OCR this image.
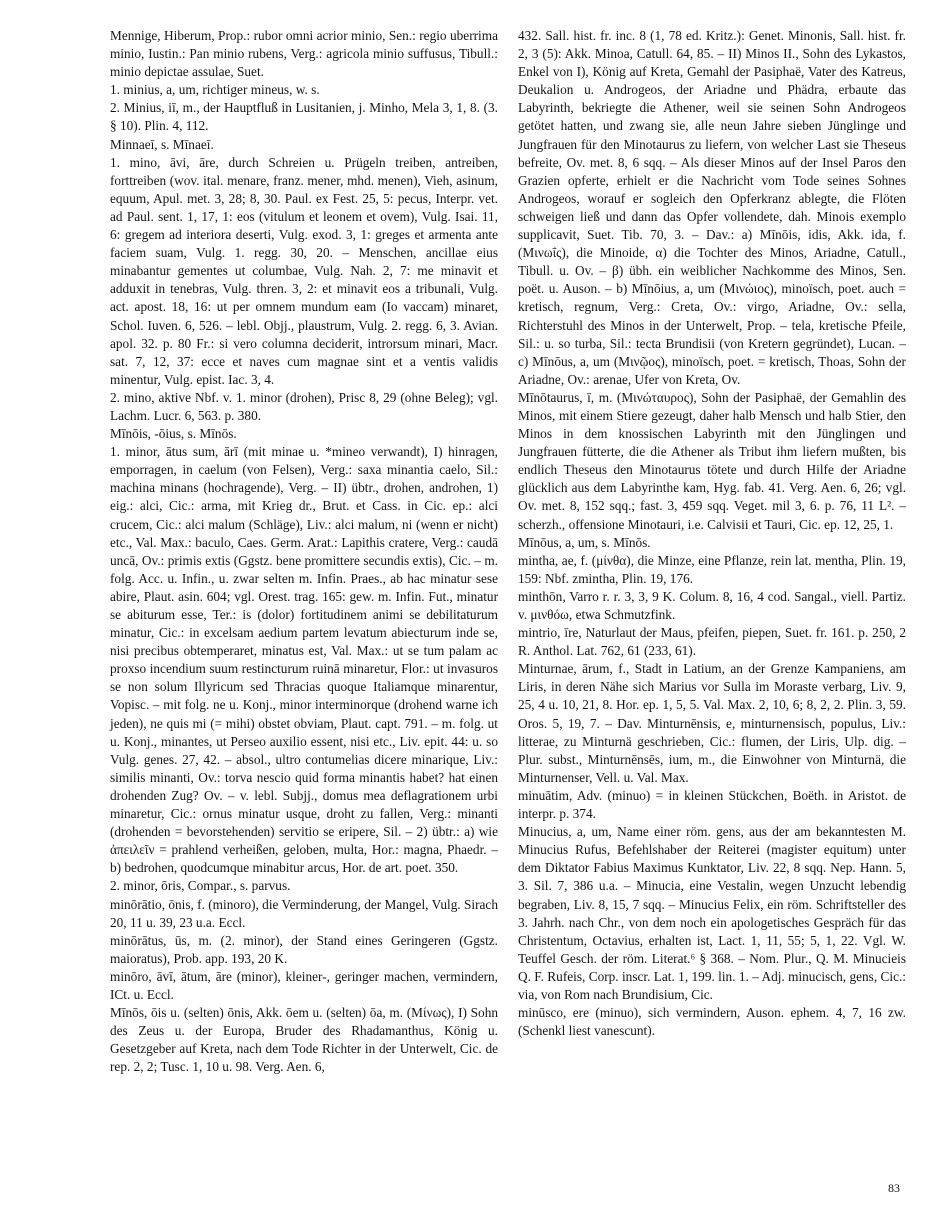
Mennige, Hiberum, Prop.: rubor omni acrior minio, Sen.: regio uberrima minio, Iustin.: Pan minio rubens, Verg.: agricola minio suffusus, Tibull.: minio depictae assulae, Suet.

1. minius, a, um, richtiger mineus, w. s.

2. Minius, iī, m., der Hauptfluß in Lusitanien, j. Minho, Mela 3, 1, 8. (3. § 10). Plin. 4, 112.

Minnaeī, s. Mīnaeī.

1. mino, āvi, āre, durch Schreien u. Prügeln treiben, antreiben, forttreiben (wov. ital. menare, franz. mener, mhd. menen), Vieh, asinum, equum, Apul. met. 3, 28; 8, 30. Paul. ex Fest. 25, 5: pecus, Interpr. vet. ad Paul. sent. 1, 17, 1: eos (vitulum et leonem et ovem), Vulg. Isai. 11, 6: gregem ad interiora deserti, Vulg. exod. 3, 1: greges et armenta ante faciem suam, Vulg. 1. regg. 30, 20. – Menschen, ancillae eius minabantur gementes ut columbae, Vulg. Nah. 2, 7: me minavit et adduxit in tenebras, Vulg. thren. 3, 2: et minavit eos a tribunali, Vulg. act. apost. 18, 16: ut per omnem mundum eam (Io vaccam) minaret, Schol. Iuven. 6, 526. – lebl. Objj., plaustrum, Vulg. 2. regg. 6, 3. Avian. apol. 32. p. 80 Fr.: si vero columna deciderit, introrsum minari, Macr. sat. 7, 12, 37: ecce et naves cum magnae sint et a ventis validis minentur, Vulg. epist. Iac. 3, 4.

2. mino, aktive Nbf. v. 1. minor (drohen), Prisc 8, 29 (ohne Beleg); vgl. Lachm. Lucr. 6, 563. p. 380.

Mīnōis, -ōius, s. Mīnōs.

1. minor, ātus sum, ārī (mit minae u. *mineo verwandt), I) hinragen, emporragen, in caelum (von Felsen), Verg.: saxa minantia caelo, Sil.: machina minans (hochragende), Verg. – II) übtr., drohen, androhen, 1) eig.: alci, Cic.: arma, mit Krieg dr., Brut. et Cass. in Cic. ep.: alci crucem, Cic.: alci malum (Schläge), Liv.: alci malum, ni (wenn er nicht) etc., Val. Max.: baculo, Caes. Germ. Arat.: Lapithis cratere, Verg.: caudā uncā, Ov.: primis extis (Ggstz. bene promittere secundis extis), Cic. – m. folg. Acc. u. Infin., u. zwar selten m. Infin. Praes., ab hac minatur sese abire, Plaut. asin. 604; vgl. Orest. trag. 165: gew. m. Infin. Fut., minatur se abiturum esse, Ter.: is (dolor) fortitudinem animi se debilitaturum minatur, Cic.: in excelsam aedium partem levatum abiecturum inde se, nisi precibus obtemperaret, minatus est, Val. Max.: ut se tum palam ac proxso incendium suum restincturum ruinā minaretur, Flor.: ut invasuros se non solum Illyricum sed Thracias quoque Italiamque minarentur, Vopisc. – mit folg. ne u. Konj., minor interminorque (drohend warne ich jeden), ne quis mi (= mihi) obstet obviam, Plaut. capt. 791. – m. folg. ut u. Konj., minantes, ut Perseo auxilio essent, nisi etc., Liv. epit. 44: u. so Vulg. genes. 27, 42. – absol., ultro contumelias dicere minarique, Liv.: similis minanti, Ov.: torva nescio quid forma minantis habet? hat einen drohenden Zug? Ov. – v. lebl. Subjj., domus mea deflagrationem urbi minaretur, Cic.: ornus minatur usque, droht zu fallen, Verg.: minanti (drohenden = bevorstehenden) servitio se eripere, Sil. – 2) übtr.: a) wie ἀπειλεῖν = prahlend verheißen, geloben, multa, Hor.: magna, Phaedr. – b) bedrohen, quodcumque minabitur arcus, Hor. de art. poet. 350.

2. minor, ōris, Compar., s. parvus.

minōrātio, ōnis, f. (minoro), die Verminderung, der Mangel, Vulg. Sirach 20, 11 u. 39, 23 u.a. Eccl.

minōrātus, ūs, m. (2. minor), der Stand eines Geringeren (Ggstz. maioratus), Prob. app. 193, 20 K.

minōro, āvī, ātum, āre (minor), kleiner-, geringer machen, vermindern, ICt. u. Eccl.

Mīnōs, ōis u. (selten) ōnis, Akk. ōem u. (selten) ōa, m. (Μίνως), I) Sohn des Zeus u. der Europa, Bruder des Rhadamanthus, König u. Gesetzgeber auf Kreta, nach dem Tode Richter in der Unterwelt, Cic. de rep. 2, 2; Tusc. 1, 10 u. 98. Verg. Aen. 6,

432. Sall. hist. fr. inc. 8 (1, 78 ed. Kritz.): Genet. Minonis, Sall. hist. fr. 2, 3 (5): Akk. Minoa, Catull. 64, 85. – II) Minos II., Sohn des Lykastos, Enkel von I), König auf Kreta, Gemahl der Pasiphaë, Vater des Katreus, Deukalion u. Androgeos, der Ariadne und Phädra, erbaute das Labyrinth, bekriegte die Athener, weil sie seinen Sohn Androgeos getötet hatten, und zwang sie, alle neun Jahre sieben Jünglinge und Jungfrauen für den Minotaurus zu liefern, von welcher Last sie Theseus befreite, Ov. met. 8, 6 sqq. – Als dieser Minos auf der Insel Paros den Grazien opferte, erhielt er die Nachricht vom Tode seines Sohnes Androgeos, worauf er sogleich den Opferkranz ablegte, die Flöten schweigen ließ und dann das Opfer vollendete, dah. Minois exemplo supplicavit, Suet. Tib. 70, 3. – Dav.: a) Mīnōis, idis, Akk. ida, f. (Μινωΐς), die Minoide, α) die Tochter des Minos, Ariadne, Catull., Tibull. u. Ov. – β) übh. ein weiblicher Nachkomme des Minos, Sen. poët. u. Auson. – b) Mīnōius, a, um (Μινώιος), minoïsch, poet. auch = kretisch, regnum, Verg.: Creta, Ov.: virgo, Ariadne, Ov.: sella, Richterstuhl des Minos in der Unterwelt, Prop. – tela, kretische Pfeile, Sil.: u. so turba, Sil.: tecta Brundisii (von Kretern gegründet), Lucan. – c) Mīnōus, a, um (Μινῷος), minoïsch, poet. = kretisch, Thoas, Sohn der Ariadne, Ov.: arenae, Ufer von Kreta, Ov.

Mīnōtaurus, ī, m. (Μινώταυρος), Sohn der Pasiphaë, der Gemahlin des Minos, mit einem Stiere gezeugt, daher halb Mensch und halb Stier, den Minos in dem knossischen Labyrinth mit den Jünglingen und Jungfrauen fütterte, die die Athener als Tribut ihm liefern mußten, bis endlich Theseus den Minotaurus tötete und durch Hilfe der Ariadne glücklich aus dem Labyrinthe kam, Hyg. fab. 41. Verg. Aen. 6, 26; vgl. Ov. met. 8, 152 sqq.; fast. 3, 459 sqq. Veget. mil 3, 6. p. 76, 11 L². – scherzh., offensione Minotauri, i.e. Calvisii et Tauri, Cic. ep. 12, 25, 1.

Mīnōus, a, um, s. Mīnōs.

mintha, ae, f. (μίνθα), die Minze, eine Pflanze, rein lat. mentha, Plin. 19, 159: Nbf. zmintha, Plin. 19, 176.

minthōn, Varro r. r. 3, 3, 9 K. Colum. 8, 16, 4 cod. Sangal., viell. Partiz. v. μινθόω, etwa Schmutzfink.

mintrio, īre, Naturlaut der Maus, pfeifen, piepen, Suet. fr. 161. p. 250, 2 R. Anthol. Lat. 762, 61 (233, 61).

Minturnae, ārum, f., Stadt in Latium, an der Grenze Kampaniens, am Liris, in deren Nähe sich Marius vor Sulla im Moraste verbarg, Liv. 9, 25, 4 u. 10, 21, 8. Hor. ep. 1, 5, 5. Val. Max. 2, 10, 6; 8, 2, 2. Plin. 3, 59. Oros. 5, 19, 7. – Dav. Minturnēnsis, e, minturnensisch, populus, Liv.: litterae, zu Minturnä geschrieben, Cic.: flumen, der Liris, Ulp. dig. – Plur. subst., Minturnēnsēs, ium, m., die Einwohner von Minturnä, die Minturnenser, Vell. u. Val. Max.

minuātim, Adv. (minuo) = in kleinen Stückchen, Boëth. in Aristot. de interpr. p. 374.

Minucius, a, um, Name einer röm. gens, aus der am bekanntesten M. Minucius Rufus, Befehlshaber der Reiterei (magister equitum) unter dem Diktator Fabius Maximus Kunktator, Liv. 22, 8 sqq. Nep. Hann. 5, 3. Sil. 7, 386 u.a. – Minucia, eine Vestalin, wegen Unzucht lebendig begraben, Liv. 8, 15, 7 sqq. – Minucius Felix, ein röm. Schriftsteller des 3. Jahrh. nach Chr., von dem noch ein apologetisches Gespräch für das Christentum, Octavius, erhalten ist, Lact. 1, 11, 55; 5, 1, 22. Vgl. W. Teuffel Gesch. der röm. Literat.⁶ § 368. – Nom. Plur., Q. M. Minucieis Q. F. Rufeis, Corp. inscr. Lat. 1, 199. lin. 1. – Adj. minucisch, gens, Cic.: via, von Rom nach Brundisium, Cic.

minūsco, ere (minuo), sich vermindern, Auson. ephem. 4, 7, 16 zw. (Schenkl liest vanescunt).

83
